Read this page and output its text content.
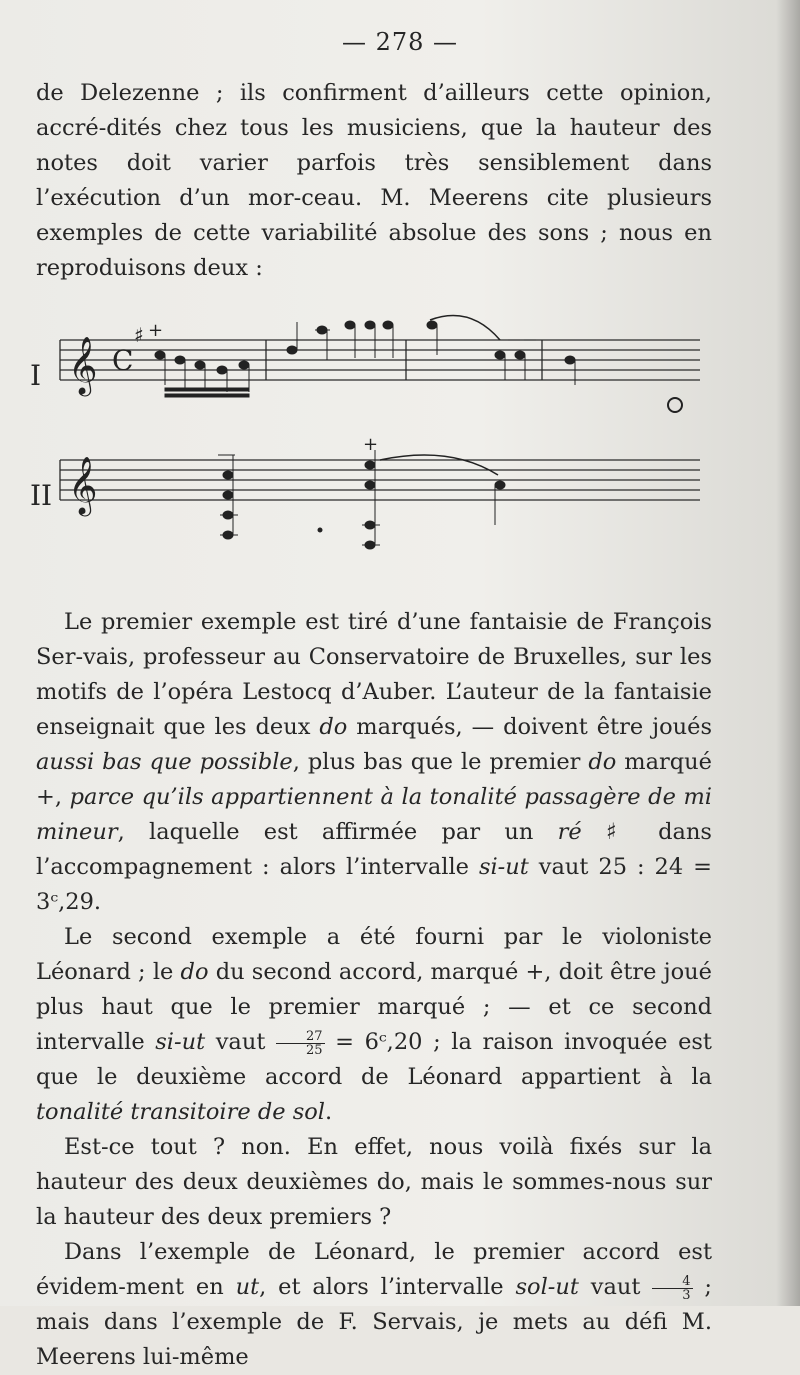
— 278 —

de Delezenne ; ils confirment d’ailleurs cette opinion, accré-dités chez tous les musiciens, que la hauteur des notes doit varier parfois très sensiblement dans l’exécution d’un mor-ceau. M. Meerens cite plusieurs exemples de cette variabilité absolue des sons ; nous en reproduisons deux :

I 𝄞 C
♯ +
II 𝄞
+

Le premier exemple est tiré d’une fantaisie de François Ser-vais, professeur au Conservatoire de Bruxelles, sur les motifs de l’opéra Lestocq d’Auber. L’auteur de la fantaisie enseignait que les deux do marqués, — doivent être joués aussi bas que possible, plus bas que le premier do marqué +, parce qu’ils appartiennent à la tonalité passagère de mi mineur, laquelle est affirmée par un ré ♯ dans l’accompagnement : alors l’intervalle si-ut vaut 25 : 24 = 3ᶜ,29.

Le second exemple a été fourni par le violoniste Léonard ; le do du second accord, marqué +, doit être joué plus haut que le premier marqué ; — et ce second intervalle si-ut vaut $\frac{27}{25}$ = 6ᶜ,20 ; la raison invoquée est que le deuxième accord de Léonard appartient à la tonalité transitoire de sol.

Est-ce tout ? non. En effet, nous voilà fixés sur la hauteur des deux deuxièmes do, mais le sommes-nous sur la hauteur des deux premiers ?

Dans l’exemple de Léonard, le premier accord est évidem-ment en ut, et alors l’intervalle sol-ut vaut $\frac{4}{3}$ ; mais dans l’exemple de F. Servais, je mets au défi M. Meerens lui-même
